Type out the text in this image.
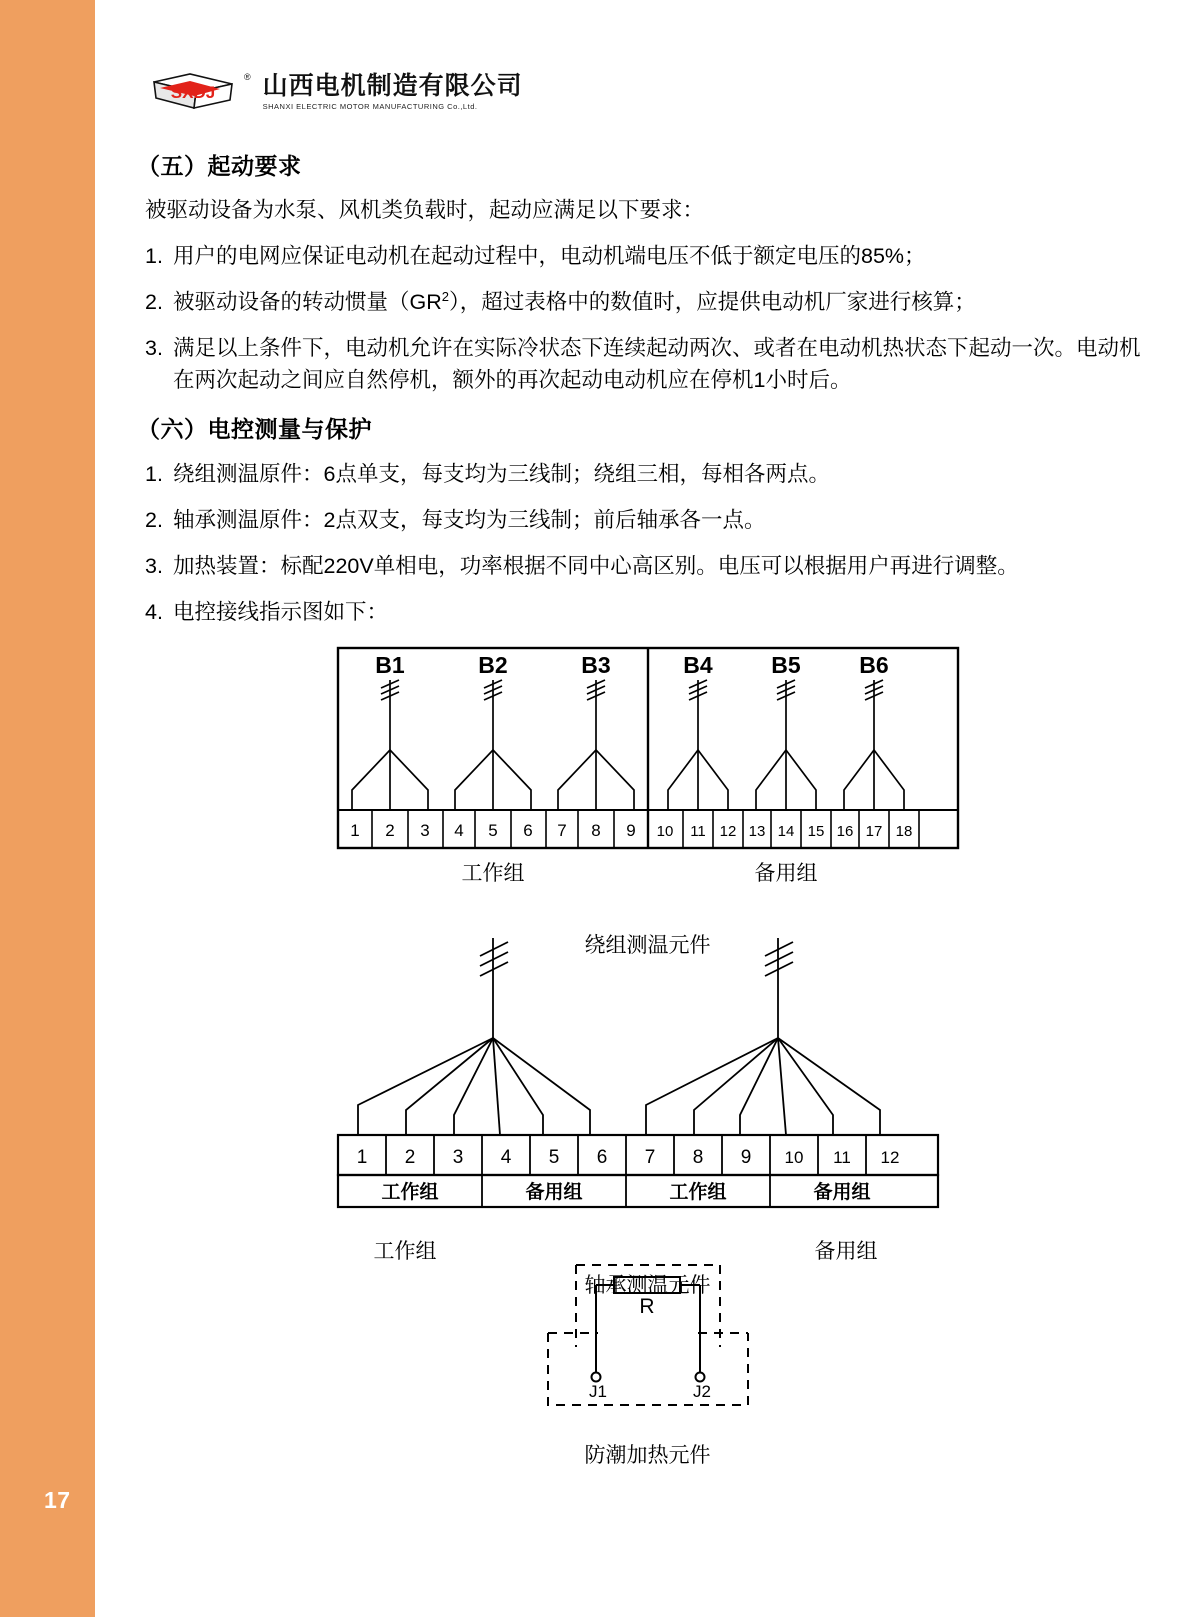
17
SXDJ
® 山西电机制造有限公司
SHANXI ELECTRIC MOTOR MANUFACTURING Co.,Ltd.
（五）起动要求

被驱动设备为水泵、风机类负载时，起动应满足以下要求：

1. 用户的电网应保证电动机在起动过程中，电动机端电压不低于额定电压的85%；
2. 被驱动设备的转动惯量$(GR^2)$，超过表格中的数值时，应提供电动机厂家进行核算；
3. 满足以上条件下，电动机允许在实际冷状态下连续起动两次、或者在电动机热状态下起动一次。电动机在两次起动之间应自然停机，额外的再次起动电动机应在停机1小时后。
（六）电控测量与保护
1. 绕组测温原件：6点单支，每支均为三线制；绕组三相，每相各两点。
2. 轴承测温原件：2点双支，每支均为三线制；前后轴承各一点。
3. 加热装置：标配220V单相电，功率根据不同中心高区别。电压可以根据用户再进行调整。
4. 电控接线指示图如下：
B1	B2	B3	B4	B5	B6
1 2 3 4 5 6 7 8 9 10 11 12 13 14 15 16 17 18
工作组	备用组
绕组测温元件
1 2 3 4 5 6 7 8 9 10 11 12
工作组	备用组	工作组	备用组
工作组	备用组
轴承测温元件
R
J1	J2
防潮加热元件
